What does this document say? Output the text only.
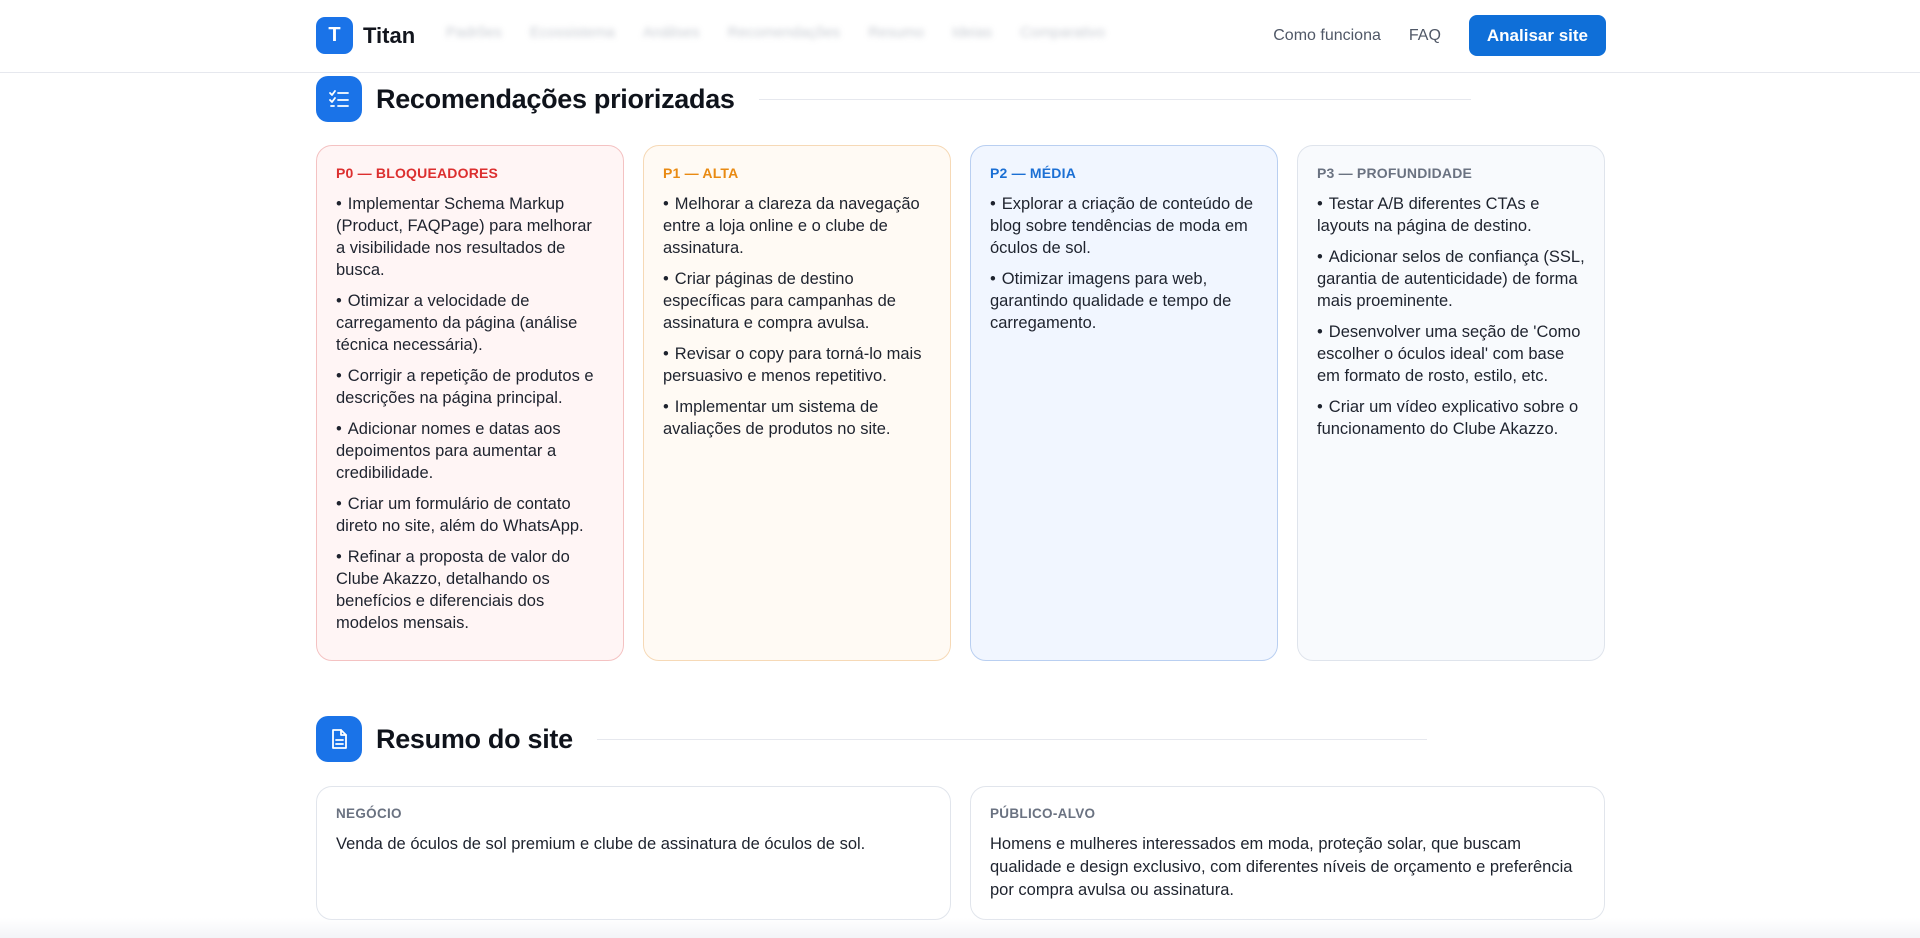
T	Titan Padrões Ecossistema Análises Recomendações Resumo Ideias Comparativo	Como funciona FAQ	Analisar site
Recomendações priorizadas
P0 — BLOQUEADORES
• Implementar Schema Markup (Product, FAQPage) para melhorar a visibilidade nos resultados de busca.
• Otimizar a velocidade de carregamento da página (análise técnica necessária).
• Corrigir a repetição de produtos e descrições na página principal.
• Adicionar nomes e datas aos depoimentos para aumentar a credibilidade.
• Criar um formulário de contato direto no site, além do WhatsApp.
• Refinar a proposta de valor do Clube Akazzo, detalhando os benefícios e diferenciais dos modelos mensais.
P1 — ALTA
• Melhorar a clareza da navegação entre a loja online e o clube de assinatura.
• Criar páginas de destino específicas para campanhas de assinatura e compra avulsa.
• Revisar o copy para torná-lo mais persuasivo e menos repetitivo.
• Implementar um sistema de avaliações de produtos no site.
P2 — MÉDIA
• Explorar a criação de conteúdo de blog sobre tendências de moda em óculos de sol.
• Otimizar imagens para web, garantindo qualidade e tempo de carregamento.
P3 — PROFUNDIDADE
• Testar A/B diferentes CTAs e layouts na página de destino.
• Adicionar selos de confiança (SSL, garantia de autenticidade) de forma mais proeminente.
• Desenvolver uma seção de 'Como escolher o óculos ideal' com base em formato de rosto, estilo, etc.
• Criar um vídeo explicativo sobre o funcionamento do Clube Akazzo.
Resumo do site
NEGÓCIO
Venda de óculos de sol premium e clube de assinatura de óculos de sol.
PÚBLICO-ALVO
Homens e mulheres interessados em moda, proteção solar, que buscam qualidade e design exclusivo, com diferentes níveis de orçamento e preferência por compra avulsa ou assinatura.
